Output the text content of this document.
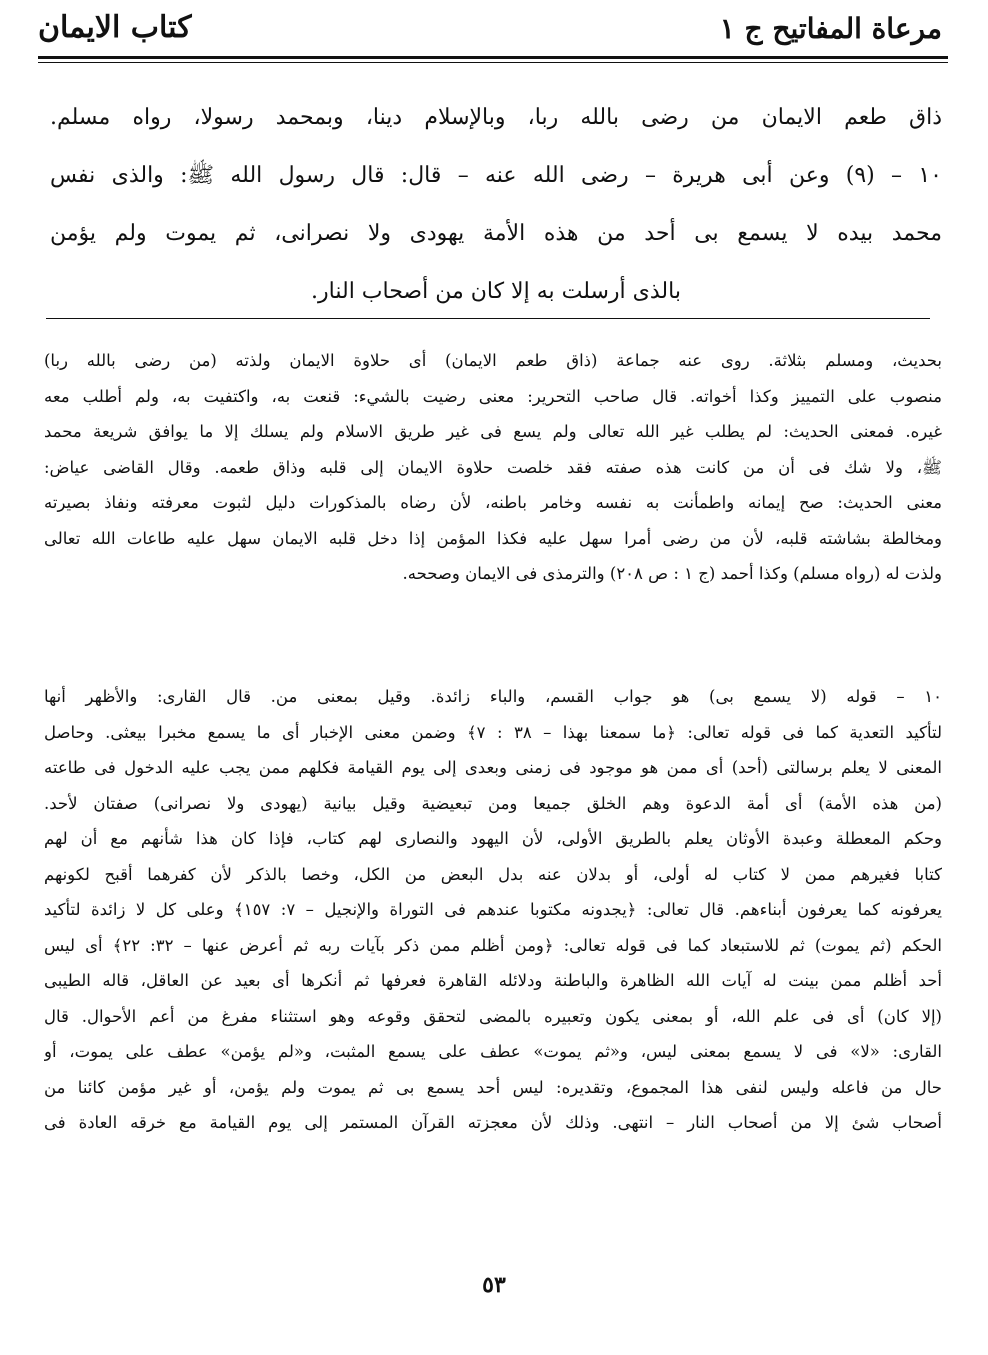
مرعاة المفاتيح ج ١
كتاب الايمان
ذاق طعم الايمان من رضى بالله ربا، وبالإسلام دينا، وبمحمد رسولا، رواه مسلم.
١٠ – (٩) وعن أبى هريرة – رضى الله عنه – قال: قال رسول الله ﷺ: والذى نفس
محمد بيده لا يسمع بى أحد من هذه الأمة يهودى ولا نصرانى، ثم يموت ولم يؤمن
بالذى أرسلت به إلا كان من أصحاب النار.
بحديث، ومسلم بثلاثة. روى عنه جماعة (ذاق طعم الايمان) أى حلاوة الايمان ولذته (من رضى بالله ربا)
منصوب على التمييز وكذا أخواته. قال صاحب التحرير: معنى رضيت بالشيء: قنعت به، واكتفيت به، ولم أطلب معه
غيره. فمعنى الحديث: لم يطلب غير الله تعالى ولم يسع فى غير طريق الاسلام ولم يسلك إلا ما يوافق شريعة محمد
ﷺ، ولا شك فى أن من كانت هذه صفته فقد خلصت حلاوة الايمان إلى قلبه وذاق طعمه. وقال القاضى عياض:
معنى الحديث: صح إيمانه واطمأنت به نفسه وخامر باطنه، لأن رضاه بالمذكورات دليل لثبوت معرفته ونفاذ بصيرته
ومخالطة بشاشته قلبه، لأن من رضى أمرا سهل عليه فكذا المؤمن إذا دخل قلبه الايمان سهل عليه طاعات الله تعالى
ولذت له (رواه مسلم) وكذا أحمد (ج ١ : ص ٢٠٨) والترمذى فى الايمان وصححه.
١٠ – قوله (لا يسمع بى) هو جواب القسم، والباء زائدة. وقيل بمعنى من. قال القارى: والأظهر أنها
لتأكيد التعدية كما فى قوله تعالى: ﴿ما سمعنا بهذا – ٣٨ : ٧﴾ وضمن معنى الإخبار أى ما يسمع مخبرا بيعثى. وحاصل
المعنى لا يعلم برسالتى (أحد) أى ممن هو موجود فى زمنى وبعدى إلى يوم القيامة فكلهم ممن يجب عليه الدخول فى طاعته
(من هذه الأمة) أى أمة الدعوة وهم الخلق جميعا ومن تبعيضية وقيل بيانية (يهودى ولا نصرانى) صفتان لأحد.
وحكم المعطلة وعبدة الأوثان يعلم بالطريق الأولى، لأن اليهود والنصارى لهم كتاب، فإذا كان هذا شأنهم مع أن لهم
كتابا فغيرهم ممن لا كتاب له أولى، أو بدلان عنه بدل البعض من الكل، وخصا بالذكر لأن كفرهما أقبح لكونهم
يعرفونه كما يعرفون أبناءهم. قال تعالى: ﴿يجدونه مكتوبا عندهم فى التوراة والإنجيل – ٧: ١٥٧﴾ وعلى كل لا زائدة لتأكيد
الحكم (ثم يموت) ثم للاستبعاد كما فى قوله تعالى: ﴿ومن أظلم ممن ذكر بآيات ربه ثم أعرض عنها – ٣٢: ٢٢﴾ أى ليس
أحد أظلم ممن بينت له آيات الله الظاهرة والباطنة ودلائله القاهرة فعرفها ثم أنكرها أى بعيد عن العاقل، قاله الطيبى
(إلا كان) أى فى علم الله، أو بمعنى يكون وتعبيره بالمضى لتحقق وقوعه وهو استثناء مفرغ من أعم الأحوال. قال
القارى: «لا» فى لا يسمع بمعنى ليس، و«ثم يموت» عطف على يسمع المثبت، و«لم يؤمن» عطف على يموت، أو
حال من فاعله وليس لنفى هذا المجموع، وتقديره: ليس أحد يسمع بى ثم يموت ولم يؤمن، أو غير مؤمن كائنا من
أصحاب شئ إلا من أصحاب النار – انتهى. وذلك لأن معجزته القرآن المستمر إلى يوم القيامة مع خرقه العادة فى
٥٣
